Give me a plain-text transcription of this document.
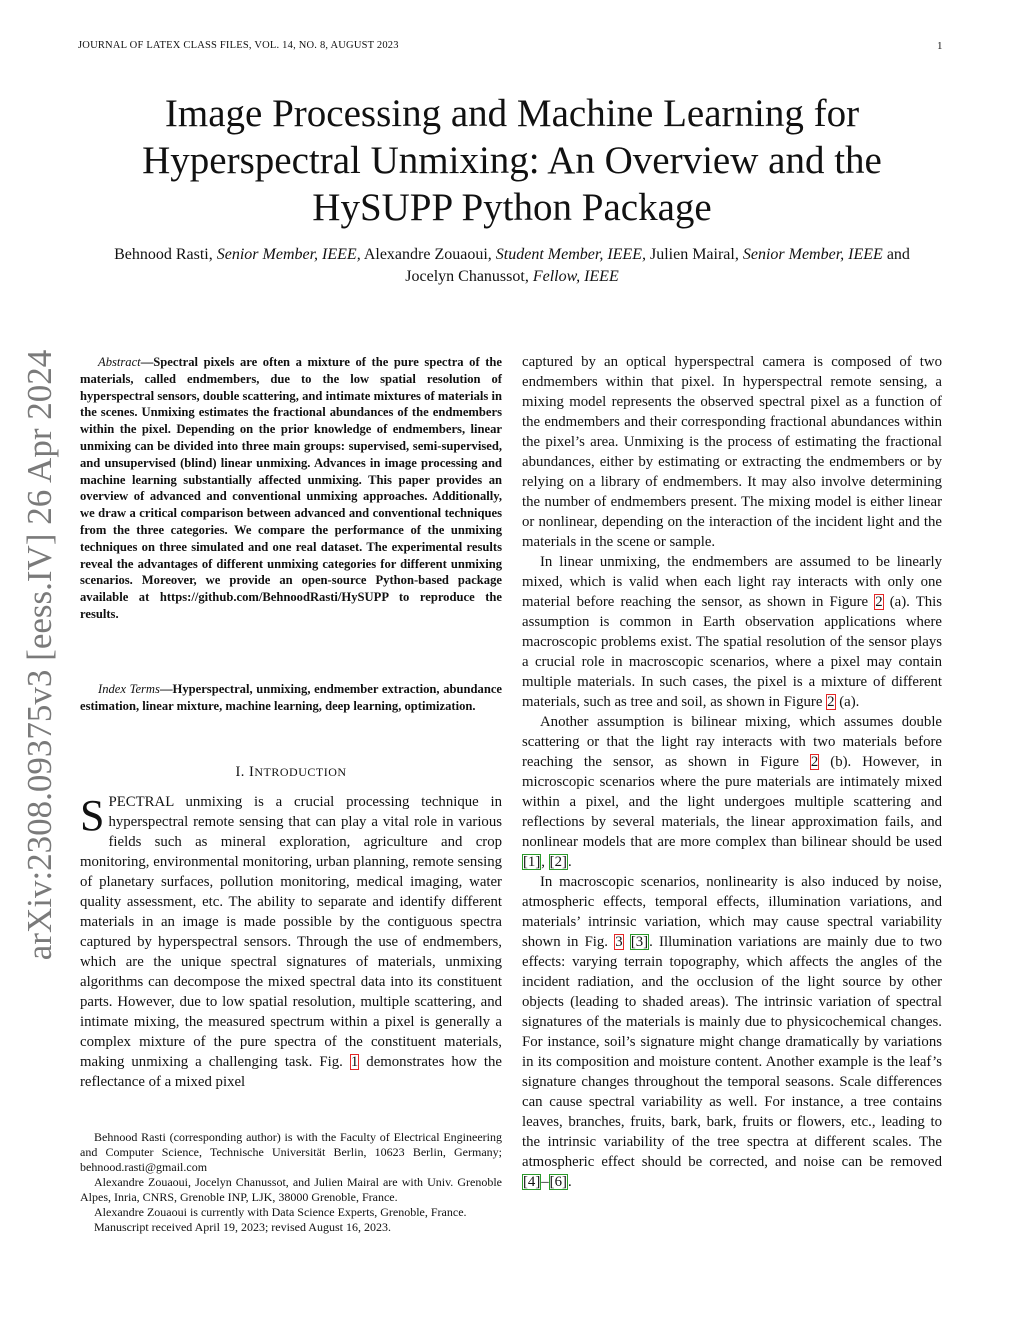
JOURNAL OF LATEX CLASS FILES, VOL. 14, NO. 8, AUGUST 2023	1
Image Processing and Machine Learning for Hyperspectral Unmixing: An Overview and the HySUPP Python Package
Behnood Rasti, Senior Member, IEEE, Alexandre Zouaoui, Student Member, IEEE, Julien Mairal, Senior Member, IEEE and Jocelyn Chanussot, Fellow, IEEE
arXiv:2308.09375v3 [eess.IV] 26 Apr 2024	Abstract—Spectral pixels are often a mixture of the pure spectra of the materials, called endmembers, due to the low spatial resolution of hyperspectral sensors, double scattering, and intimate mixtures of materials in the scenes. Unmixing estimates the fractional abundances of the endmembers within the pixel. Depending on the prior knowledge of endmembers, linear unmixing can be divided into three main groups: supervised, semi-supervised, and unsupervised (blind) linear unmixing. Advances in image processing and machine learning substantially affected unmixing. This paper provides an overview of advanced and conventional unmixing approaches. Additionally, we draw a critical comparison between advanced and conventional techniques from the three categories. We compare the performance of the unmixing techniques on three simulated and one real dataset. The experimental results reveal the advantages of different unmixing categories for different unmixing scenarios. Moreover, we provide an open-source Python-based package available at https://github.com/BehnoodRasti/HySUPP to reproduce the results.
Index Terms—Hyperspectral, unmixing, endmember extraction, abundance estimation, linear mixture, machine learning, deep learning, optimization.
I. INTRODUCTION
SPECTRAL unmixing is a crucial processing technique in hyperspectral remote sensing that can play a vital role in various fields such as mineral exploration, agriculture and crop monitoring, environmental monitoring, urban planning, remote sensing of planetary surfaces, pollution monitoring, medical imaging, water quality assessment, etc. The ability to separate and identify different materials in an image is made possible by the contiguous spectra captured by hyperspectral sensors. Through the use of endmembers, which are the unique spectral signatures of materials, unmixing algorithms can decompose the mixed spectral data into its constituent parts. However, due to low spatial resolution, multiple scattering, and intimate mixing, the measured spectrum within a pixel is generally a complex mixture of the pure spectra of the constituent materials, making unmixing a challenging task. Fig. 1 demonstrates how the reflectance of a mixed pixel

Behnood Rasti (corresponding author) is with the Faculty of Electrical Engineering and Computer Science, Technische Universität Berlin, 10623 Berlin, Germany; behnood.rasti@gmail.com

Alexandre Zouaoui, Jocelyn Chanussot, and Julien Mairal are with Univ. Grenoble Alpes, Inria, CNRS, Grenoble INP, LJK, 38000 Grenoble, France.

Alexandre Zouaoui is currently with Data Science Experts, Grenoble, France.

Manuscript received April 19, 2023; revised August 16, 2023.

captured by an optical hyperspectral camera is composed of two endmembers within that pixel. In hyperspectral remote sensing, a mixing model represents the observed spectral pixel as a function of the endmembers and their corresponding fractional abundances within the pixel’s area. Unmixing is the process of estimating the fractional abundances, either by estimating or extracting the endmembers or by relying on a library of endmembers. It may also involve determining the number of endmembers present. The mixing model is either linear or nonlinear, depending on the interaction of the incident light and the materials in the scene or sample.

In linear unmixing, the endmembers are assumed to be linearly mixed, which is valid when each light ray interacts with only one material before reaching the sensor, as shown in Figure 2 (a). This assumption is common in Earth observation applications where macroscopic problems exist. The spatial resolution of the sensor plays a crucial role in macroscopic scenarios, where a pixel may contain multiple materials. In such cases, the pixel is a mixture of different materials, such as tree and soil, as shown in Figure 2 (a).

Another assumption is bilinear mixing, which assumes double scattering or that the light ray interacts with two materials before reaching the sensor, as shown in Figure 2 (b). However, in microscopic scenarios where the pure materials are intimately mixed within a pixel, and the light undergoes multiple scattering and reflections by several materials, the linear approximation fails, and nonlinear models that are more complex than bilinear should be used [1], [2].

In macroscopic scenarios, nonlinearity is also induced by noise, atmospheric effects, temporal effects, illumination variations, and materials’ intrinsic variation, which may cause spectral variability shown in Fig. 3 [3]. Illumination variations are mainly due to two effects: varying terrain topography, which affects the angles of the incident radiation, and the occlusion of the light source by other objects (leading to shaded areas). The intrinsic variation of spectral signatures of the materials is mainly due to physicochemical changes. For instance, soil’s signature might change dramatically by variations in its composition and moisture content. Another example is the leaf’s signature changes throughout the temporal seasons. Scale differences can cause spectral variability as well. For instance, a tree contains leaves, branches, fruits, bark, bark, fruits or flowers, etc., leading to the intrinsic variability of the tree spectra at different scales. The atmospheric effect should be corrected, and noise can be removed [4]–[6].
